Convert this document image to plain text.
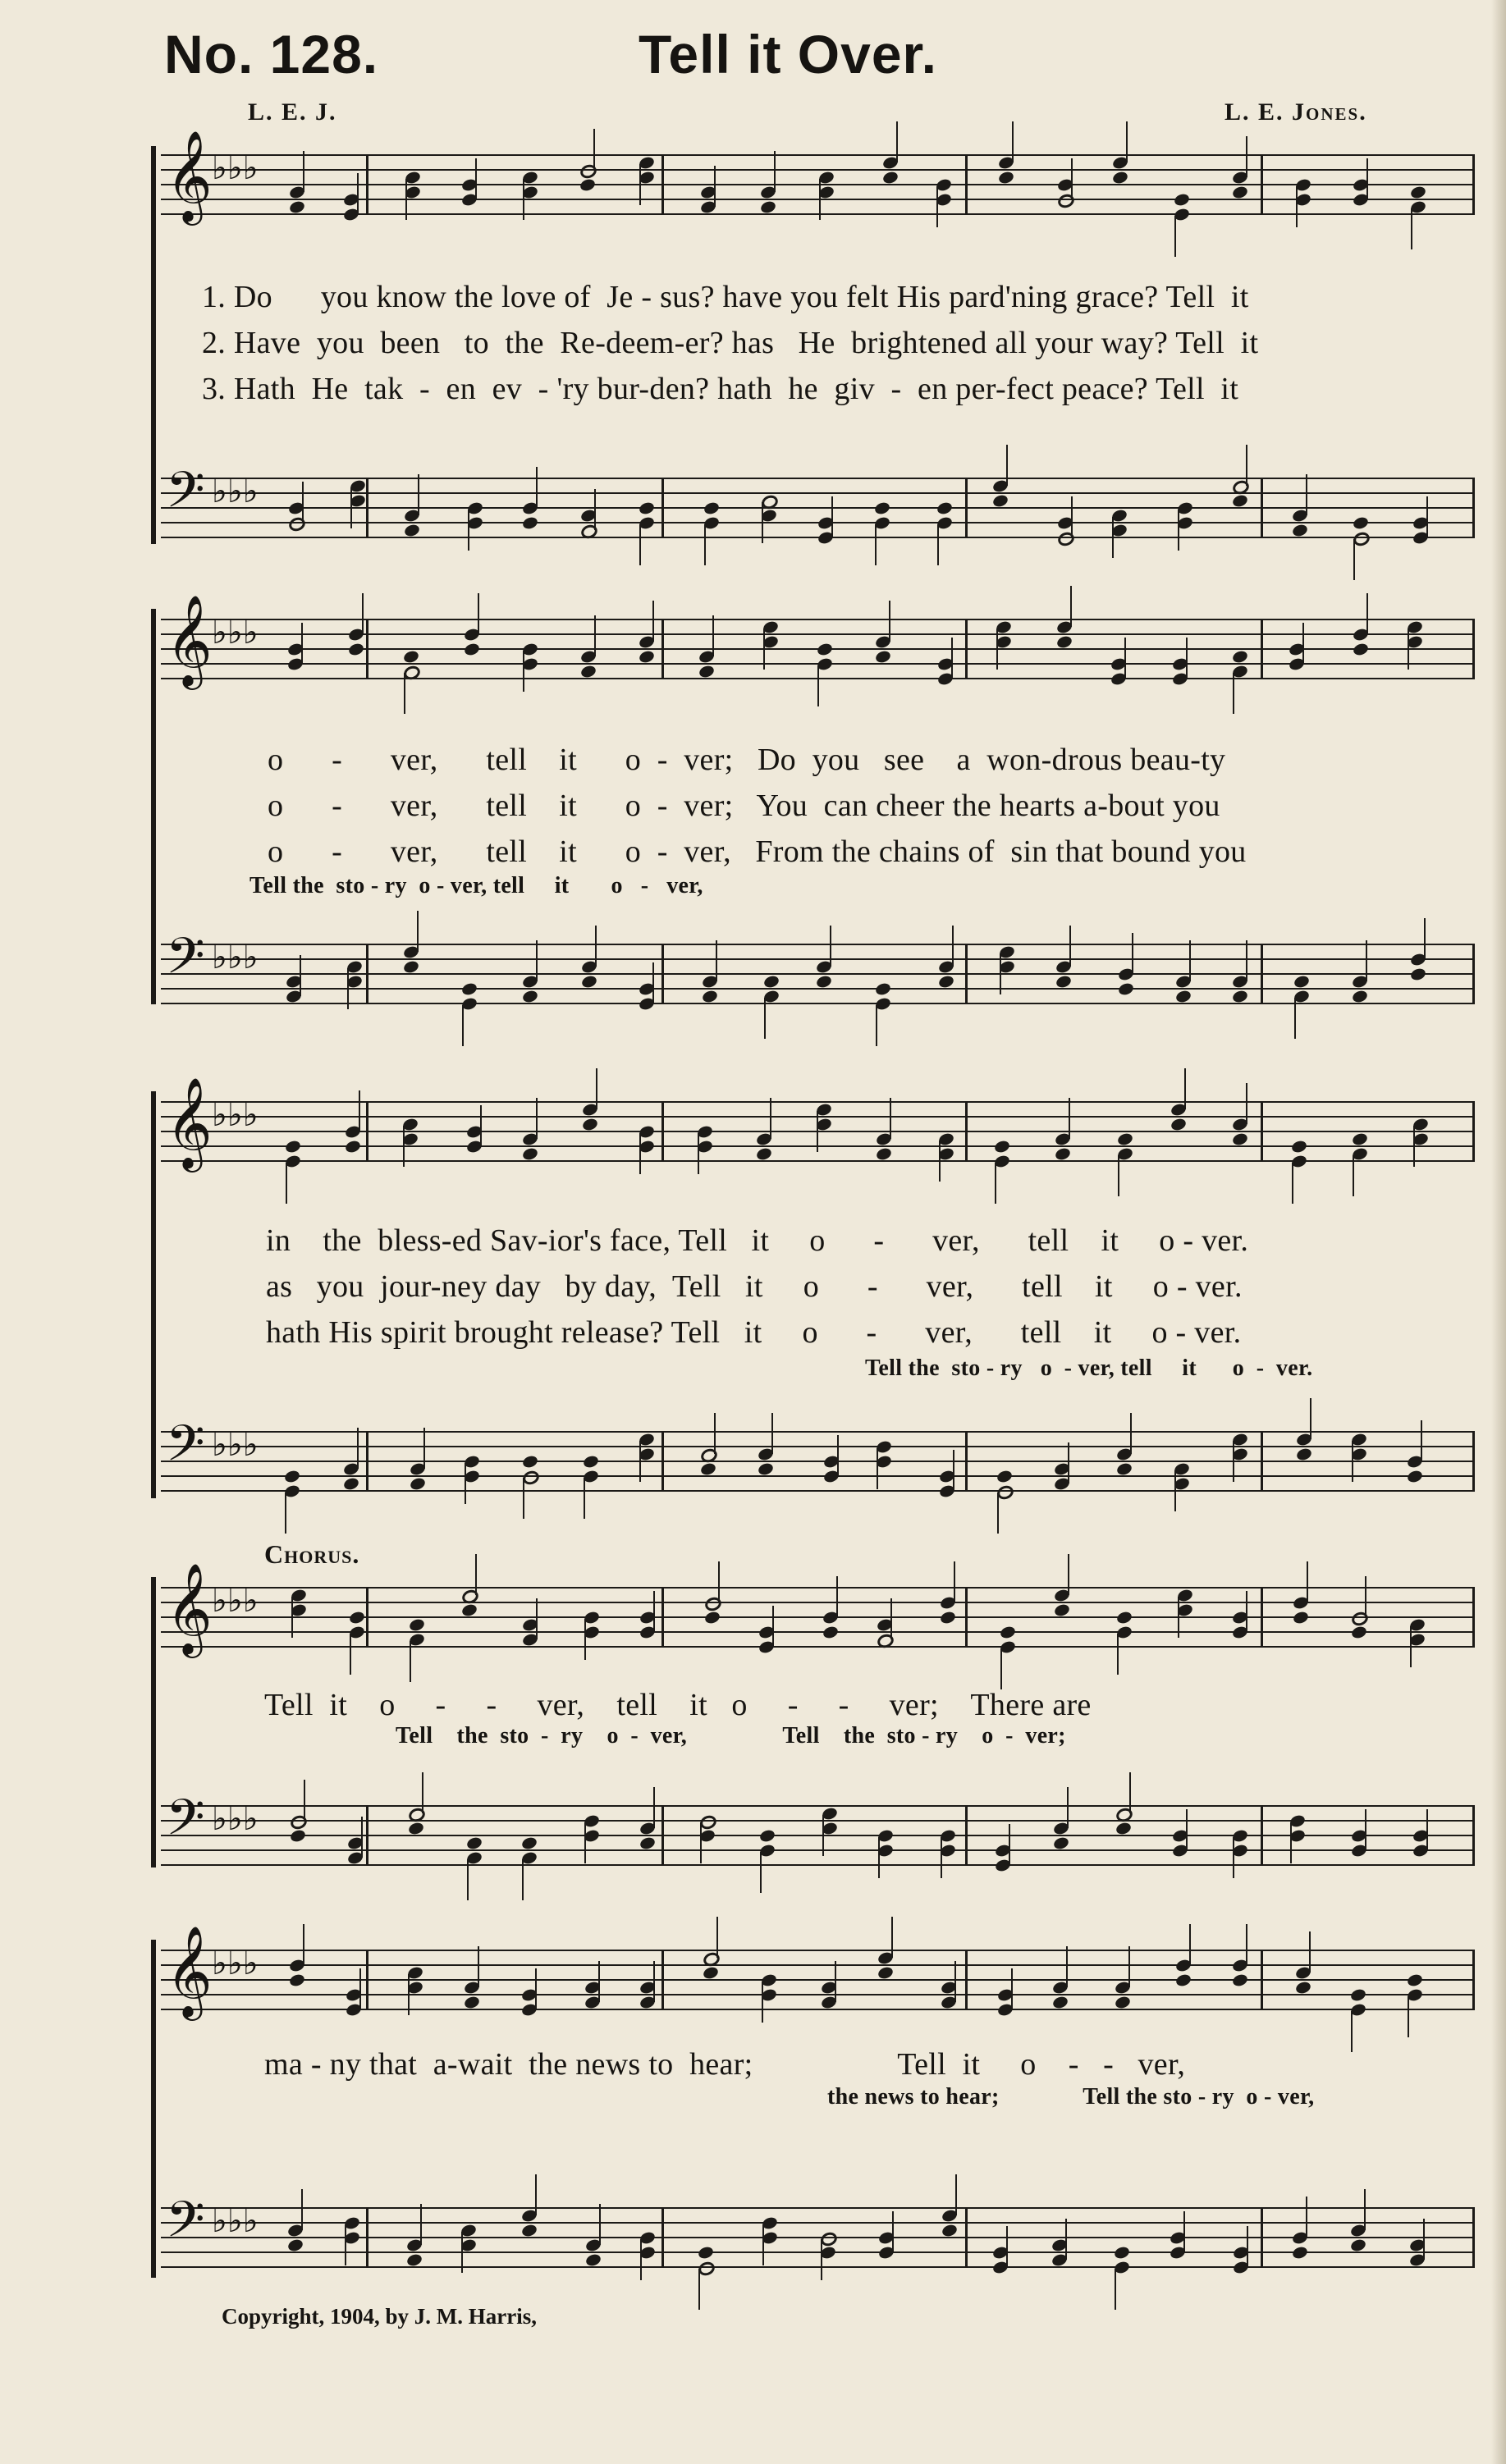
No. 128.	Tell it Over.
L. E. J.	L. E. Jones.
𝄞 ♭♭♭
1. Do      you know the love of  Je - sus? have you felt His pard'ning grace? Tell  it
2. Have  you  been   to  the  Re-deem-er? has   He  brightened all your way? Tell  it
3. Hath  He  tak  -  en  ev  - 'ry bur-den? hath  he  giv  -  en per-fect peace? Tell  it
𝄢 ♭♭♭
𝄞 ♭♭♭
o      -      ver,      tell    it      o  -  ver;   Do  you   see    a  won-drous beau-ty
o      -      ver,      tell    it      o  -  ver;   You  can cheer the hearts a-bout you
o      -      ver,      tell    it      o  -  ver,   From the chains of  sin that bound you
Tell the  sto - ry  o - ver, tell     it       o   -   ver,
𝄢 ♭♭♭
𝄞 ♭♭♭
in    the  bless-ed Sav-ior's face, Tell   it     o      -      ver,      tell    it     o - ver.
as   you  jour-ney day   by day,  Tell   it     o      -      ver,      tell    it     o - ver.
hath His spirit brought release? Tell   it     o      -      ver,      tell    it     o - ver.
Tell the  sto - ry   o  - ver, tell     it      o  -  ver.
𝄢 ♭♭♭
Chorus.
𝄞 ♭♭♭
Tell  it    o     -     -     ver,    tell    it   o     -     -     ver;    There are
Tell    the  sto  -  ry    o  -  ver,                Tell    the  sto - ry    o  -  ver;
𝄢 ♭♭♭
𝄞 ♭♭♭
ma - ny that  a-wait  the news to  hear;                  Tell  it     o    -   -   ver,
the news to hear;              Tell the sto - ry  o - ver,
𝄢 ♭♭♭
Copyright, 1904, by J. M. Harris,
